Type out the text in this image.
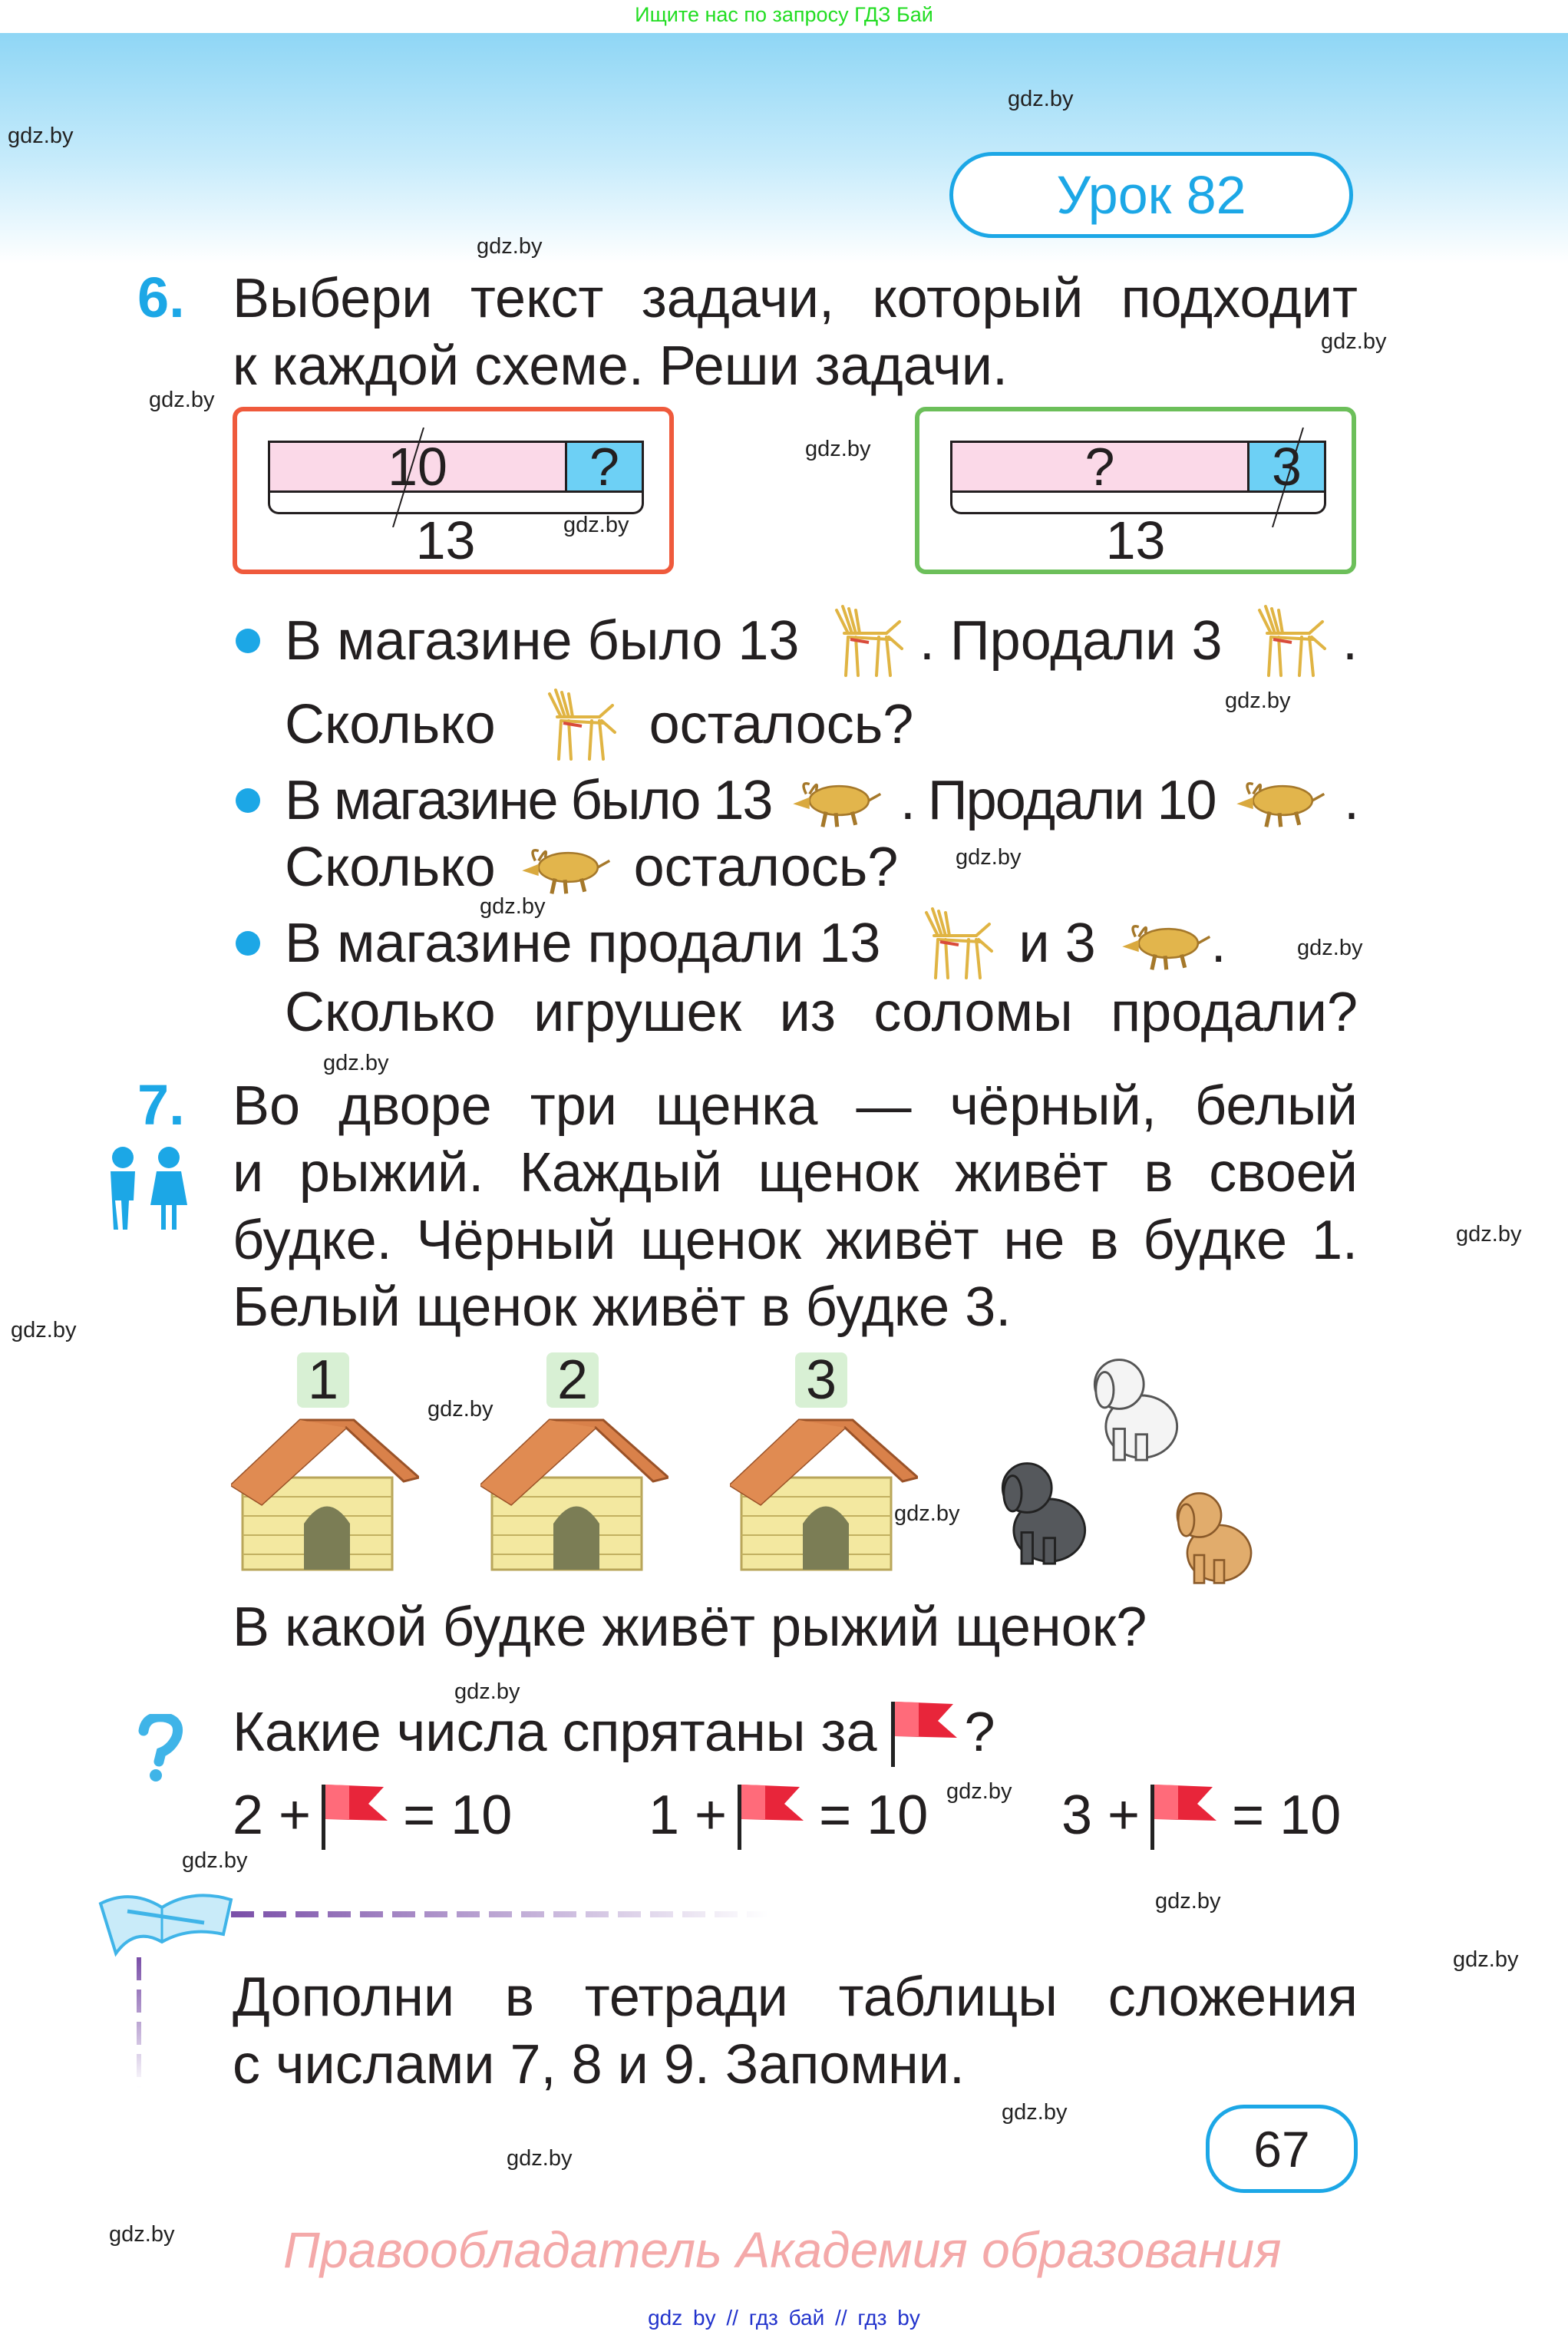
Ищите нас по запросу ГДЗ Бай
Урок 82
6. Выбери текст задачи, который подходит
к каждой схеме. Реши задачи.
10	?
13
?	3
13
В магазине было 13 . Продали 3 .
Сколько	осталось?
В магазине было 13 . Продали 10 .
Сколько	осталось?
В магазине продали 13	и 3 .
Сколько игрушек из соломы продали?
7. Во дворе три щенка — чёрный, белый
и рыжий. Каждый щенок живёт в своей
будке. Чёрный щенок живёт не в будке 1.
Белый щенок живёт в будке 3.
1	2	3
В какой будке живёт рыжий щенок?
Какие числа спрятаны за ?
2 + = 10 1 + = 10 3 + = 10
Дополни в тетради таблицы сложения
с числами 7, 8 и 9. Запомни.
67
Правообладатель Академия образования
gdz by // гдз бай // гдз by
gdz.by
gdz.by
gdz.by
gdz.by
gdz.by
gdz.by
gdz.by
gdz.by
gdz.by
gdz.by
gdz.by
gdz.by
gdz.by
gdz.by
gdz.by
gdz.by
gdz.by
gdz.by
gdz.by
gdz.by
gdz.by
gdz.by
gdz.by
gdz.by
